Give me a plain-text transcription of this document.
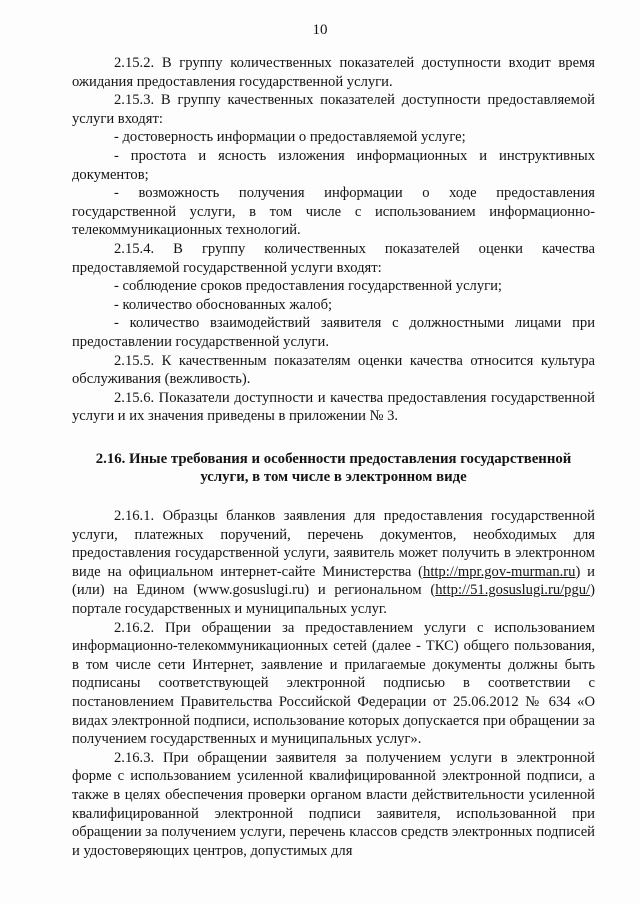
10

2.15.2. В группу количественных показателей доступности входит время ожидания предоставления государственной услуги.

2.15.3. В группу качественных показателей доступности предоставляемой услуги входят:

- достоверность информации о предоставляемой услуге;

- простота и ясность изложения информационных и инструктивных документов;

- возможность получения информации о ходе предоставления государственной услуги, в том числе с использованием информационно-телекоммуникационных технологий.

2.15.4. В группу количественных показателей оценки качества предоставляемой государственной услуги входят:

- соблюдение сроков предоставления государственной услуги;

- количество обоснованных жалоб;

- количество взаимодействий заявителя с должностными лицами при предоставлении государственной услуги.

2.15.5. К качественным показателям оценки качества относится культура обслуживания (вежливость).

2.15.6. Показатели доступности и качества предоставления государственной услуги и их значения приведены в приложении № 3.

2.16. Иные требования и особенности предоставления государственной услуги, в том числе в электронном виде

2.16.1. Образцы бланков заявления для предоставления государственной услуги, платежных поручений, перечень документов, необходимых для предоставления государственной услуги, заявитель может получить в электронном виде на официальном интернет-сайте Министерства (http://mpr.gov-murman.ru) и (или) на Едином (www.gosuslugi.ru) и региональном (http://51.gosuslugi.ru/pgu/) портале государственных и муниципальных услуг.

2.16.2. При обращении за предоставлением услуги с использованием информационно-телекоммуникационных сетей (далее - ТКС) общего пользования, в том числе сети Интернет, заявление и прилагаемые документы должны быть подписаны соответствующей электронной подписью в соответствии с постановлением Правительства Российской Федерации от 25.06.2012 № 634 «О видах электронной подписи, использование которых допускается при обращении за получением государственных и муниципальных услуг».

2.16.3. При обращении заявителя за получением услуги в электронной форме с использованием усиленной квалифицированной электронной подписи, а также в целях обеспечения проверки органом власти действительности усиленной квалифицированной электронной подписи заявителя, использованной при обращении за получением услуги, перечень классов средств электронных подписей и удостоверяющих центров, допустимых для
